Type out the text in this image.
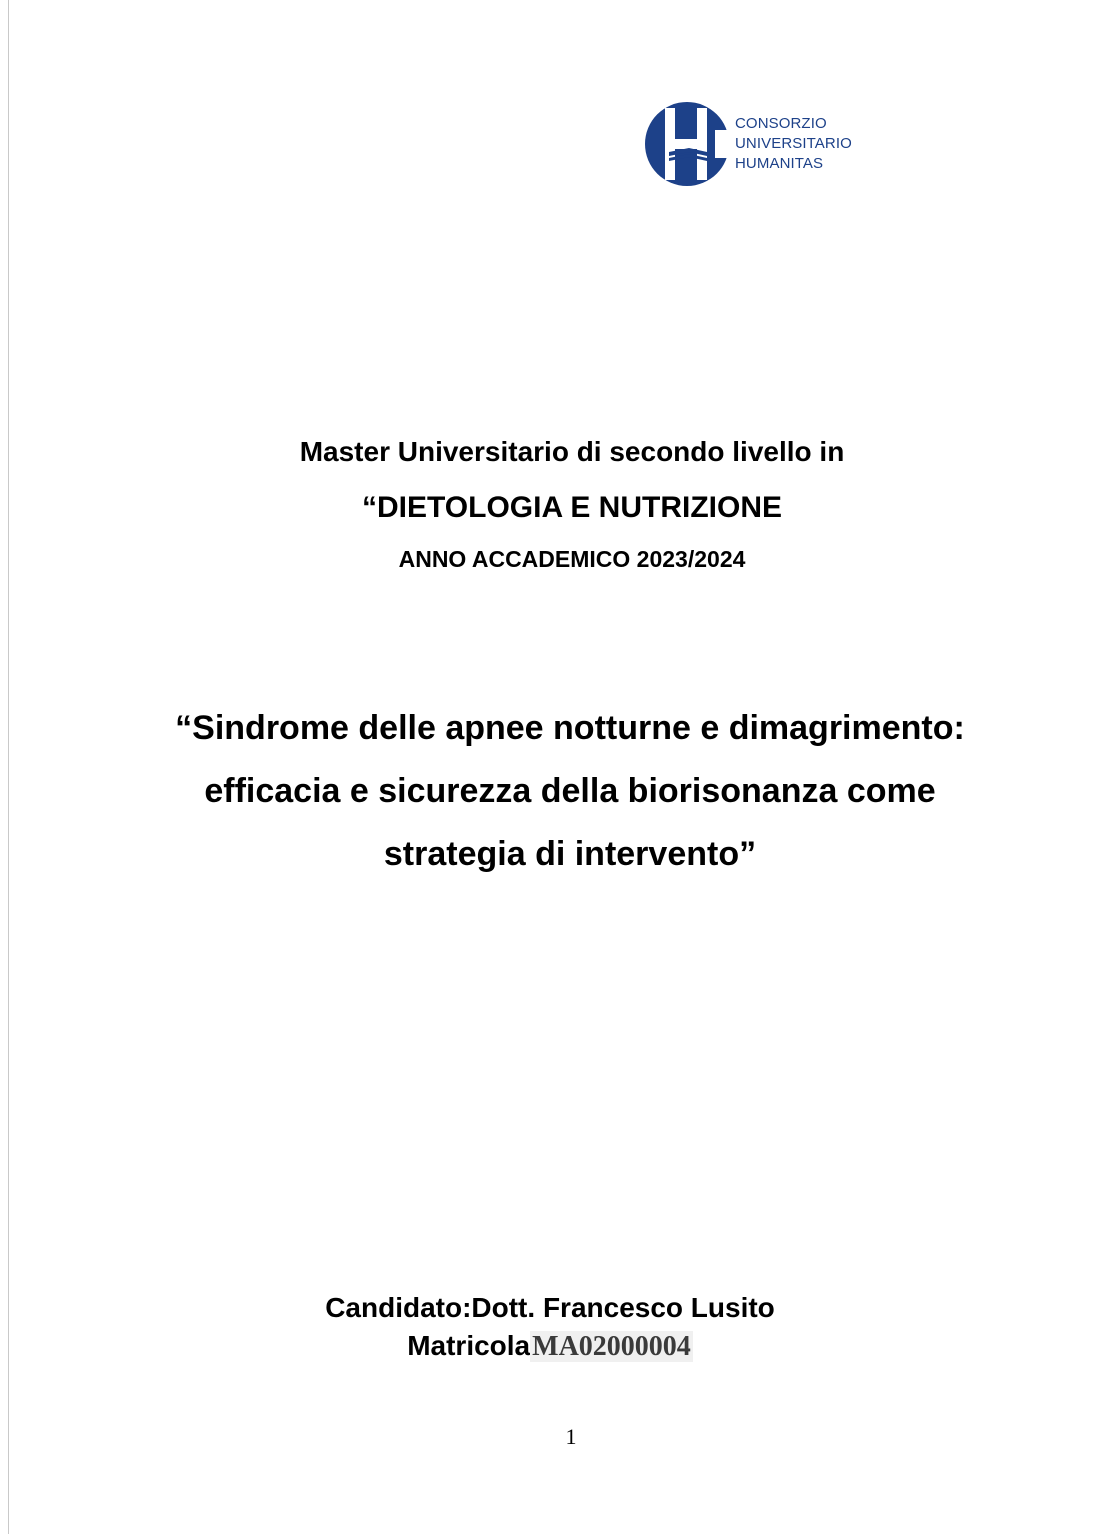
CONSORZIO
UNIVERSITARIO
HUMANITAS
Master Universitario di secondo livello in
“DIETOLOGIA E NUTRIZIONE
ANNO ACCADEMICO 2023/2024
“Sindrome delle apnee notturne e dimagrimento:
efficacia e sicurezza della biorisonanza come
strategia di intervento”
Candidato:Dott. Francesco Lusito
MatricolaMA02000004
1
